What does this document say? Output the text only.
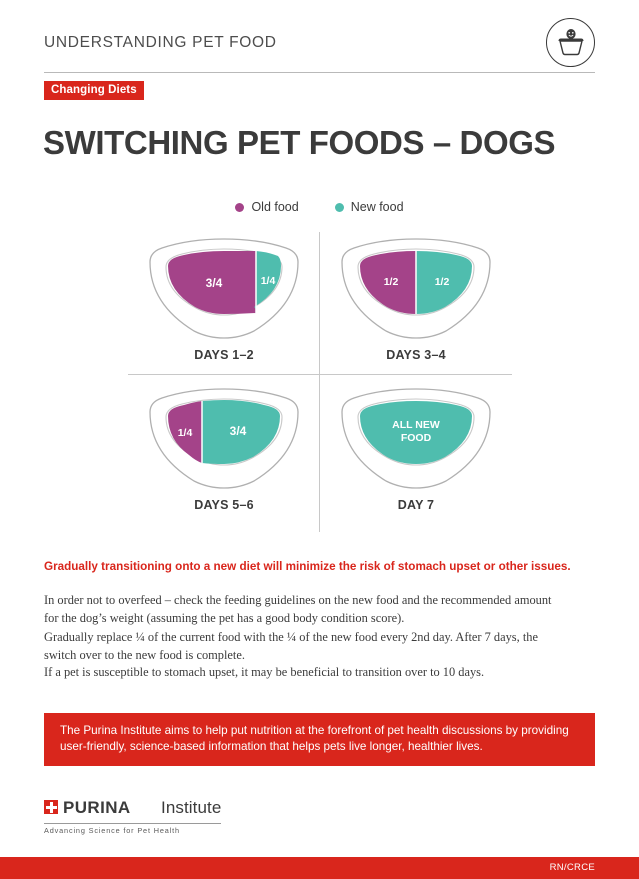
UNDERSTANDING PET FOOD
Changing Diets
SWITCHING PET FOODS – DOGS
Old food	New food
3/4	1/4
DAYS 1–2
1/2	1/2
DAYS 3–4
1/4	3/4
DAYS 5–6
ALL NEW
FOOD
DAY 7
Gradually transitioning onto a new diet will minimize the risk of stomach upset or other issues.
In order not to overfeed – check the feeding guidelines on the new food and the recommended amount for the dog’s weight (assuming the pet has a good body condition score).
Gradually replace ¼ of the current food with the ¼ of the new food every 2nd day. After 7 days, the switch over to the new food is complete.
If a pet is susceptible to stomach upset, it may be beneficial to transition over to 10 days.
The Purina Institute aims to help put nutrition at the forefront of pet health discussions by providing user-friendly, science-based information that helps pets live longer, healthier lives.
PURINA Institute
Advancing Science for Pet Health
RN/CRCE
